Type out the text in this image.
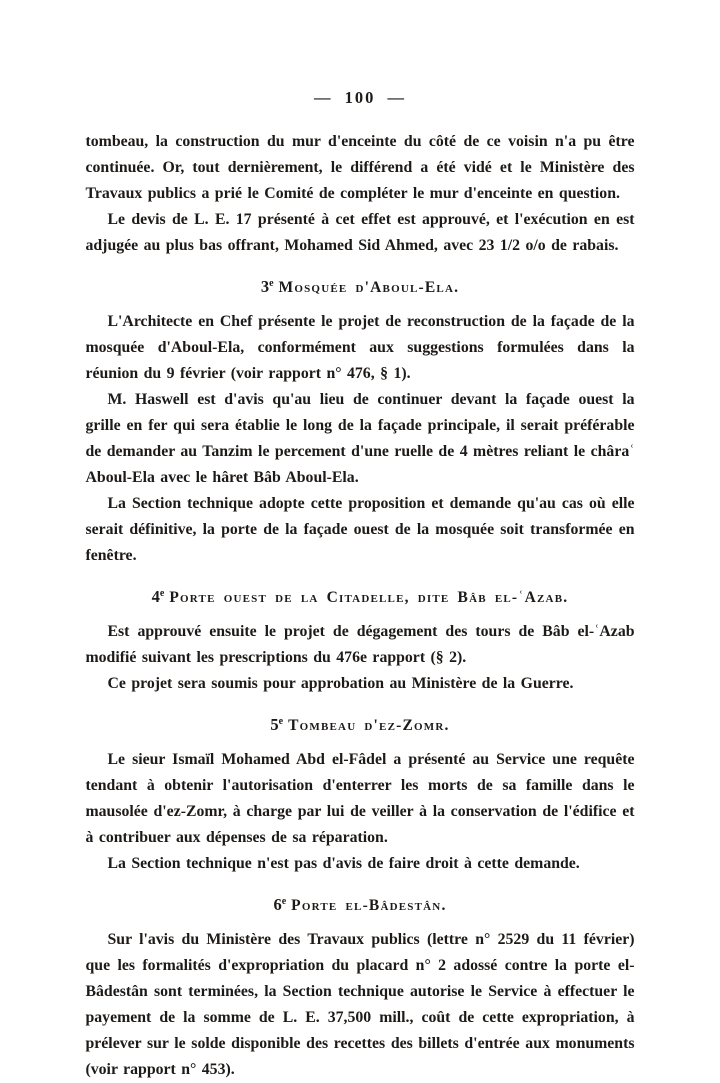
— 100 —

tombeau, la construction du mur d'enceinte du côté de ce voisin n'a pu être continuée. Or, tout dernièrement, le différend a été vidé et le Ministère des Travaux publics a prié le Comité de compléter le mur d'enceinte en question.

Le devis de L. E. 17 présenté à cet effet est approuvé, et l'exécution en est adjugée au plus bas offrant, Mohamed Sid Ahmed, avec 23 1/2 o/o de rabais.

3e Mosquée d'Aboul-Ela.

L'Architecte en Chef présente le projet de reconstruction de la façade de la mosquée d'Aboul-Ela, conformément aux suggestions formulées dans la réunion du 9 février (voir rapport n° 476, § 1).

M. Haswell est d'avis qu'au lieu de continuer devant la façade ouest la grille en fer qui sera établie le long de la façade principale, il serait préférable de demander au Tanzim le percement d'une ruelle de 4 mètres reliant le châraʿ Aboul-Ela avec le hâret Bâb Aboul-Ela.

La Section technique adopte cette proposition et demande qu'au cas où elle serait définitive, la porte de la façade ouest de la mosquée soit transformée en fenêtre.

4e Porte ouest de la Citadelle, dite Bâb el-ʿAzab.

Est approuvé ensuite le projet de dégagement des tours de Bâb el-ʿAzab modifié suivant les prescriptions du 476e rapport (§ 2).

Ce projet sera soumis pour approbation au Ministère de la Guerre.

5e Tombeau d'ez-Zomr.

Le sieur Ismaïl Mohamed Abd el-Fâdel a présenté au Service une requête tendant à obtenir l'autorisation d'enterrer les morts de sa famille dans le mausolée d'ez-Zomr, à charge par lui de veiller à la conservation de l'édifice et à contribuer aux dépenses de sa réparation.

La Section technique n'est pas d'avis de faire droit à cette demande.

6e Porte el-Bâdestân.

Sur l'avis du Ministère des Travaux publics (lettre n° 2529 du 11 février) que les formalités d'expropriation du placard n° 2 adossé contre la porte el-Bâdestân sont terminées, la Section technique autorise le Service à effectuer le payement de la somme de L. E. 37,500 mill., coût de cette expropriation, à prélever sur le solde disponible des recettes des billets d'entrée aux monuments (voir rapport n° 453).
